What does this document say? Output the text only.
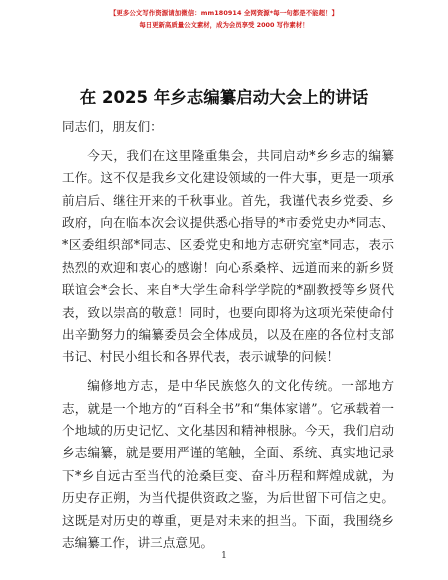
【更多公文写作资源请加微信：mm180914 全网资源*每一句都是不能超！】
每日更新高质量公文素材，成为会员享受 2000 写作素材！
在 2025 年乡志编纂启动大会上的讲话

同志们，朋友们：

今天，我们在这里隆重集会，共同启动*乡乡志的编纂工作。这不仅是我乡文化建设领域的一件大事，更是一项承前启后、继往开来的千秋事业。首先，我谨代表乡党委、乡政府，向在临本次会议提供悉心指导的*市委党史办*同志、*区委组织部*同志、区委党史和地方志研究室*同志，表示热烈的欢迎和衷心的感谢！向心系桑梓、远道而来的新乡贤联谊会*会长、来自*大学生命科学学院的*副教授等乡贤代表，致以崇高的敬意！同时，也要向即将为这项光荣使命付出辛勤努力的编纂委员会全体成员，以及在座的各位村支部书记、村民小组长和各界代表，表示诚挚的问候！

编修地方志，是中华民族悠久的文化传统。一部地方志，就是一个地方的“百科全书”和“集体家谱”。它承载着一个地域的历史记忆、文化基因和精神根脉。今天，我们启动乡志编纂，就是要用严谨的笔触，全面、系统、真实地记录下*乡自远古至当代的沧桑巨变、奋斗历程和辉煌成就，为历史存正朔，为当代提供资政之鉴，为后世留下可信之史。这既是对历史的尊重，更是对未来的担当。下面，我围绕乡志编纂工作，讲三点意见。

1
